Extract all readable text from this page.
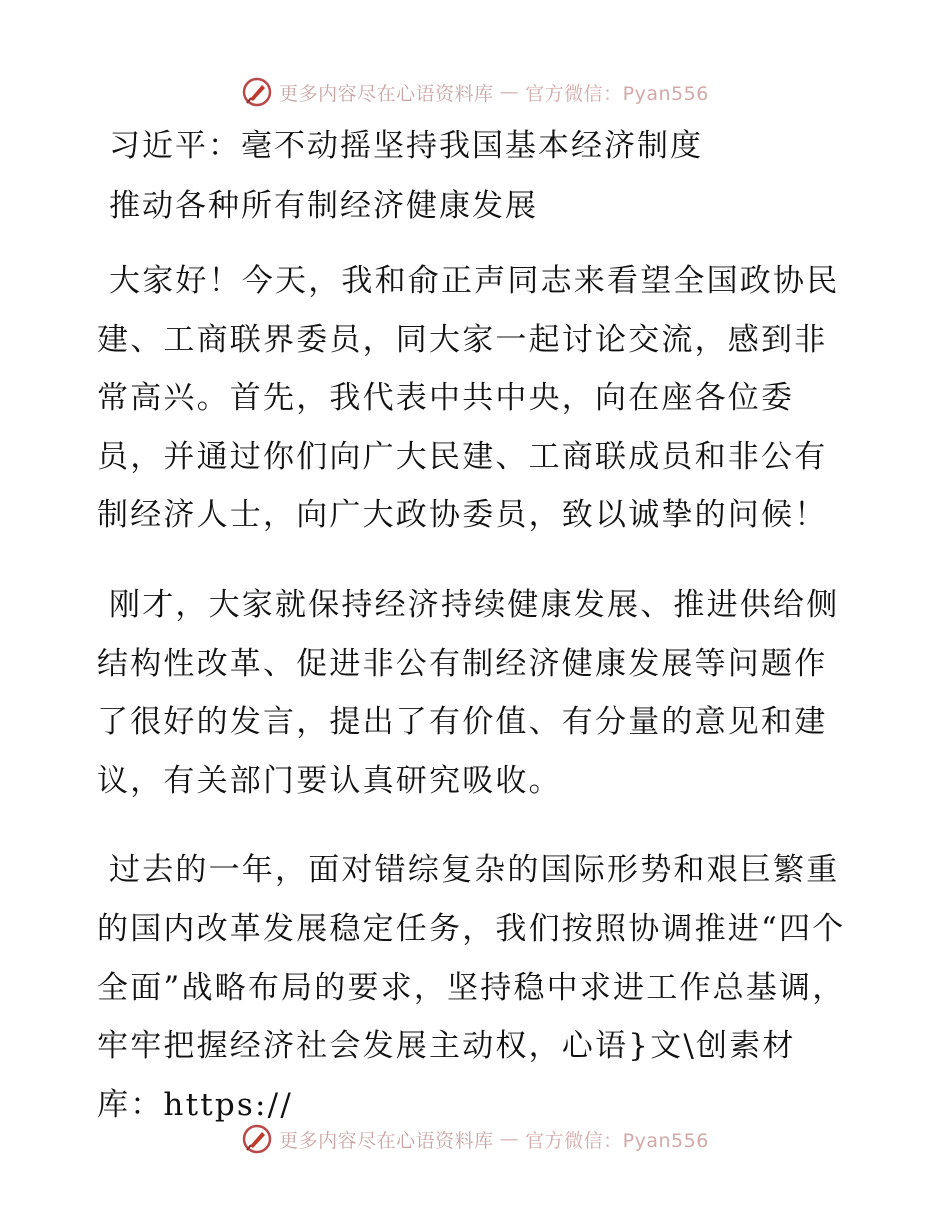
更多内容尽在心语资料库 — 官方微信：Pyan556
习近平：毫不动摇坚持我国基本经济制度
推动各种所有制经济健康发展

大家好！今天，我和俞正声同志来看望全国政协民建、工商联界委员，同大家一起讨论交流，感到非常高兴。首先，我代表中共中央，向在座各位委员，并通过你们向广大民建、工商联成员和非公有制经济人士，向广大政协委员，致以诚挚的问候！

刚才，大家就保持经济持续健康发展、推进供给侧结构性改革、促进非公有制经济健康发展等问题作了很好的发言，提出了有价值、有分量的意见和建议，有关部门要认真研究吸收。

过去的一年，面对错综复杂的国际形势和艰巨繁重的国内改革发展稳定任务，我们按照协调推进“四个全面”战略布局的要求，坚持稳中求进工作总基调，牢牢把握经济社会发展主动权，心语}文\创素材库：https://

更多内容尽在心语资料库 — 官方微信：Pyan556
